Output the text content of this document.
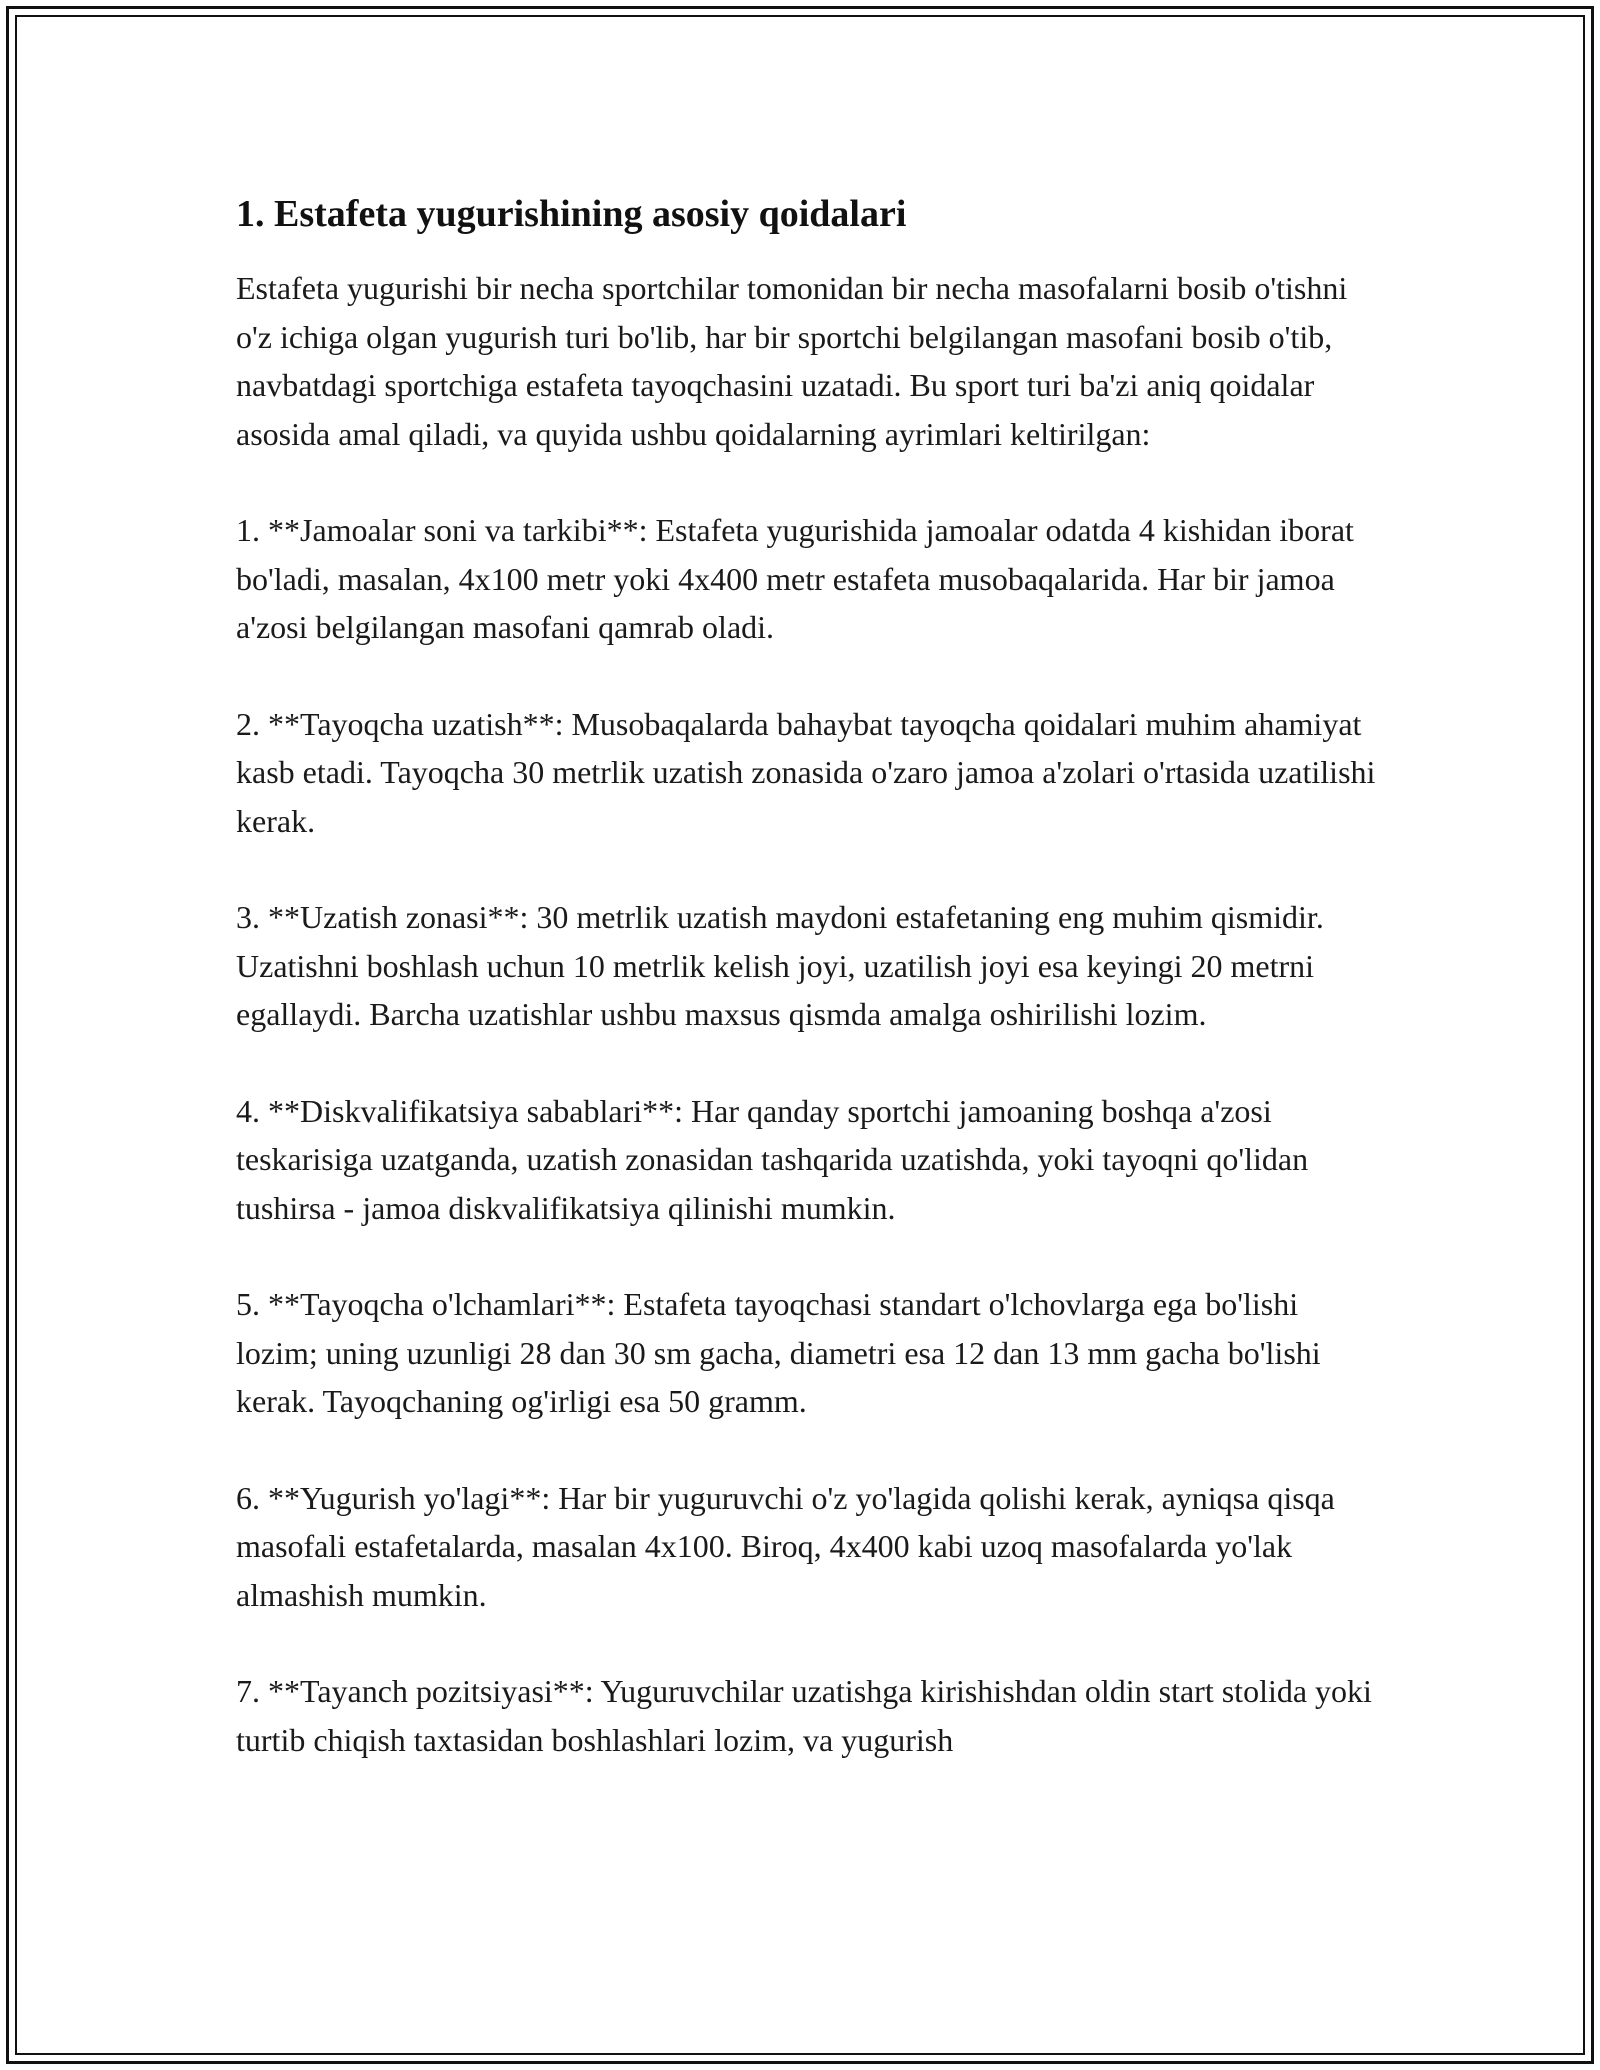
1. Estafeta yugurishining asosiy qoidalari

Estafeta yugurishi bir necha sportchilar tomonidan bir necha masofalarni bosib o'tishni o'z ichiga olgan yugurish turi bo'lib, har bir sportchi belgilangan masofani bosib o'tib, navbatdagi sportchiga estafeta tayoqchasini uzatadi. Bu sport turi ba'zi aniq qoidalar asosida amal qiladi, va quyida ushbu qoidalarning ayrimlari keltirilgan:

1. **Jamoalar soni va tarkibi**: Estafeta yugurishida jamoalar odatda 4 kishidan iborat bo'ladi, masalan, 4x100 metr yoki 4x400 metr estafeta musobaqalarida. Har bir jamoa a'zosi belgilangan masofani qamrab oladi.

2. **Tayoqcha uzatish**: Musobaqalarda bahaybat tayoqcha qoidalari muhim ahamiyat kasb etadi. Tayoqcha 30 metrlik uzatish zonasida o'zaro jamoa a'zolari o'rtasida uzatilishi kerak.

3. **Uzatish zonasi**: 30 metrlik uzatish maydoni estafetaning eng muhim qismidir. Uzatishni boshlash uchun 10 metrlik kelish joyi, uzatilish joyi esa keyingi 20 metrni egallaydi. Barcha uzatishlar ushbu maxsus qismda amalga oshirilishi lozim.

4. **Diskvalifikatsiya sabablari**: Har qanday sportchi jamoaning boshqa a'zosi teskarisiga uzatganda, uzatish zonasidan tashqarida uzatishda, yoki tayoqni qo'lidan tushirsa - jamoa diskvalifikatsiya qilinishi mumkin.

5. **Tayoqcha o'lchamlari**: Estafeta tayoqchasi standart o'lchovlarga ega bo'lishi lozim; uning uzunligi 28 dan 30 sm gacha, diametri esa 12 dan 13 mm gacha bo'lishi kerak. Tayoqchaning og'irligi esa 50 gramm.

6. **Yugurish yo'lagi**: Har bir yuguruvchi o'z yo'lagida qolishi kerak, ayniqsa qisqa masofali estafetalarda, masalan 4x100. Biroq, 4x400 kabi uzoq masofalarda yo'lak almashish mumkin.

7. **Tayanch pozitsiyasi**: Yuguruvchilar uzatishga kirishishdan oldin start stolida yoki turtib chiqish taxtasidan boshlashlari lozim, va yugurish
